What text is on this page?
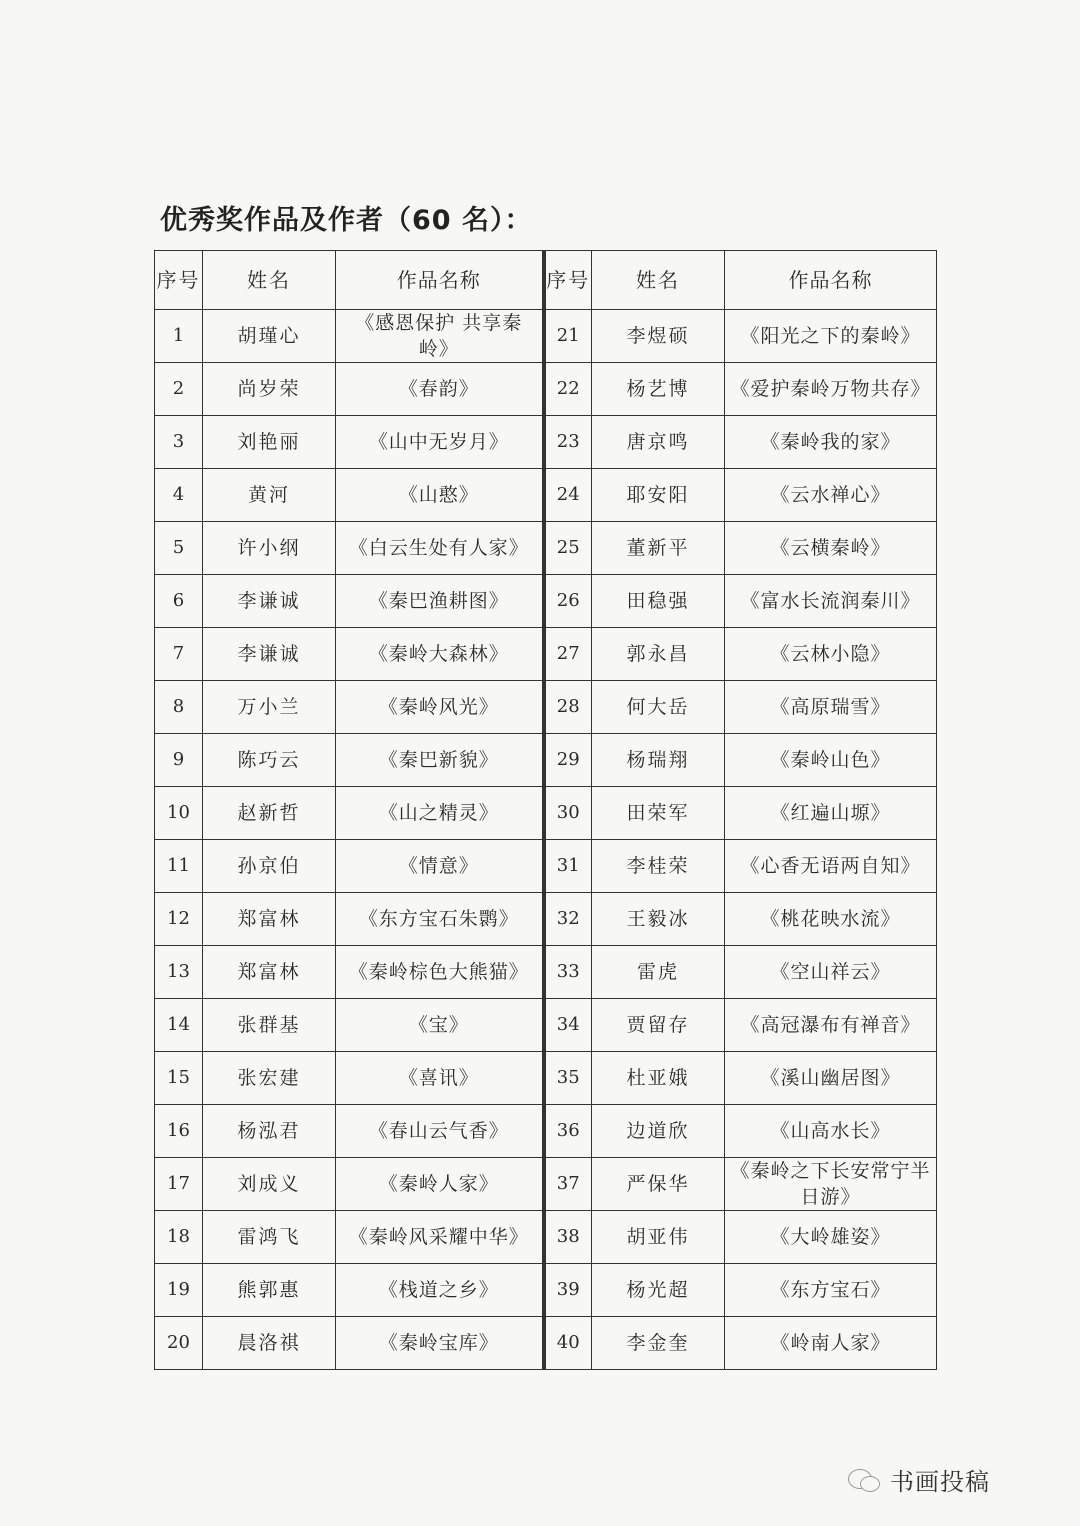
优秀奖作品及作者（60 名）：
序号	姓名	作品名称	序号	姓名	作品名称
1	胡瑾心	《感恩保护 共享秦岭》	21	李煜硕	《阳光之下的秦岭》
2	尚岁荣	《春韵》	22	杨艺博	《爱护秦岭万物共存》
3	刘艳丽	《山中无岁月》	23	唐京鸣	《秦岭我的家》
4	黄河	《山憨》	24	耶安阳	《云水禅心》
5	许小纲	《白云生处有人家》	25	董新平	《云横秦岭》
6	李谦诚	《秦巴渔耕图》	26	田稳强	《富水长流润秦川》
7	李谦诚	《秦岭大森林》	27	郭永昌	《云林小隐》
8	万小兰	《秦岭风光》	28	何大岳	《高原瑞雪》
9	陈巧云	《秦巴新貌》	29	杨瑞翔	《秦岭山色》
10	赵新哲	《山之精灵》	30	田荣军	《红遍山塬》
11	孙京伯	《情意》	31	李桂荣	《心香无语两自知》
12	郑富林	《东方宝石朱鹮》	32	王毅冰	《桃花映水流》
13	郑富林	《秦岭棕色大熊猫》	33	雷虎	《空山祥云》
14	张群基	《宝》	34	贾留存	《高冠瀑布有禅音》
15	张宏建	《喜讯》	35	杜亚娥	《溪山幽居图》
16	杨泓君	《春山云气香》	36	边道欣	《山高水长》
17	刘成义	《秦岭人家》	37	严保华	《秦岭之下长安常宁半日游》
18	雷鸿飞	《秦岭风采耀中华》	38	胡亚伟	《大岭雄姿》
19	熊郭惠	《栈道之乡》	39	杨光超	《东方宝石》
20	晨洛祺	《秦岭宝库》	40	李金奎	《岭南人家》
书画投稿
